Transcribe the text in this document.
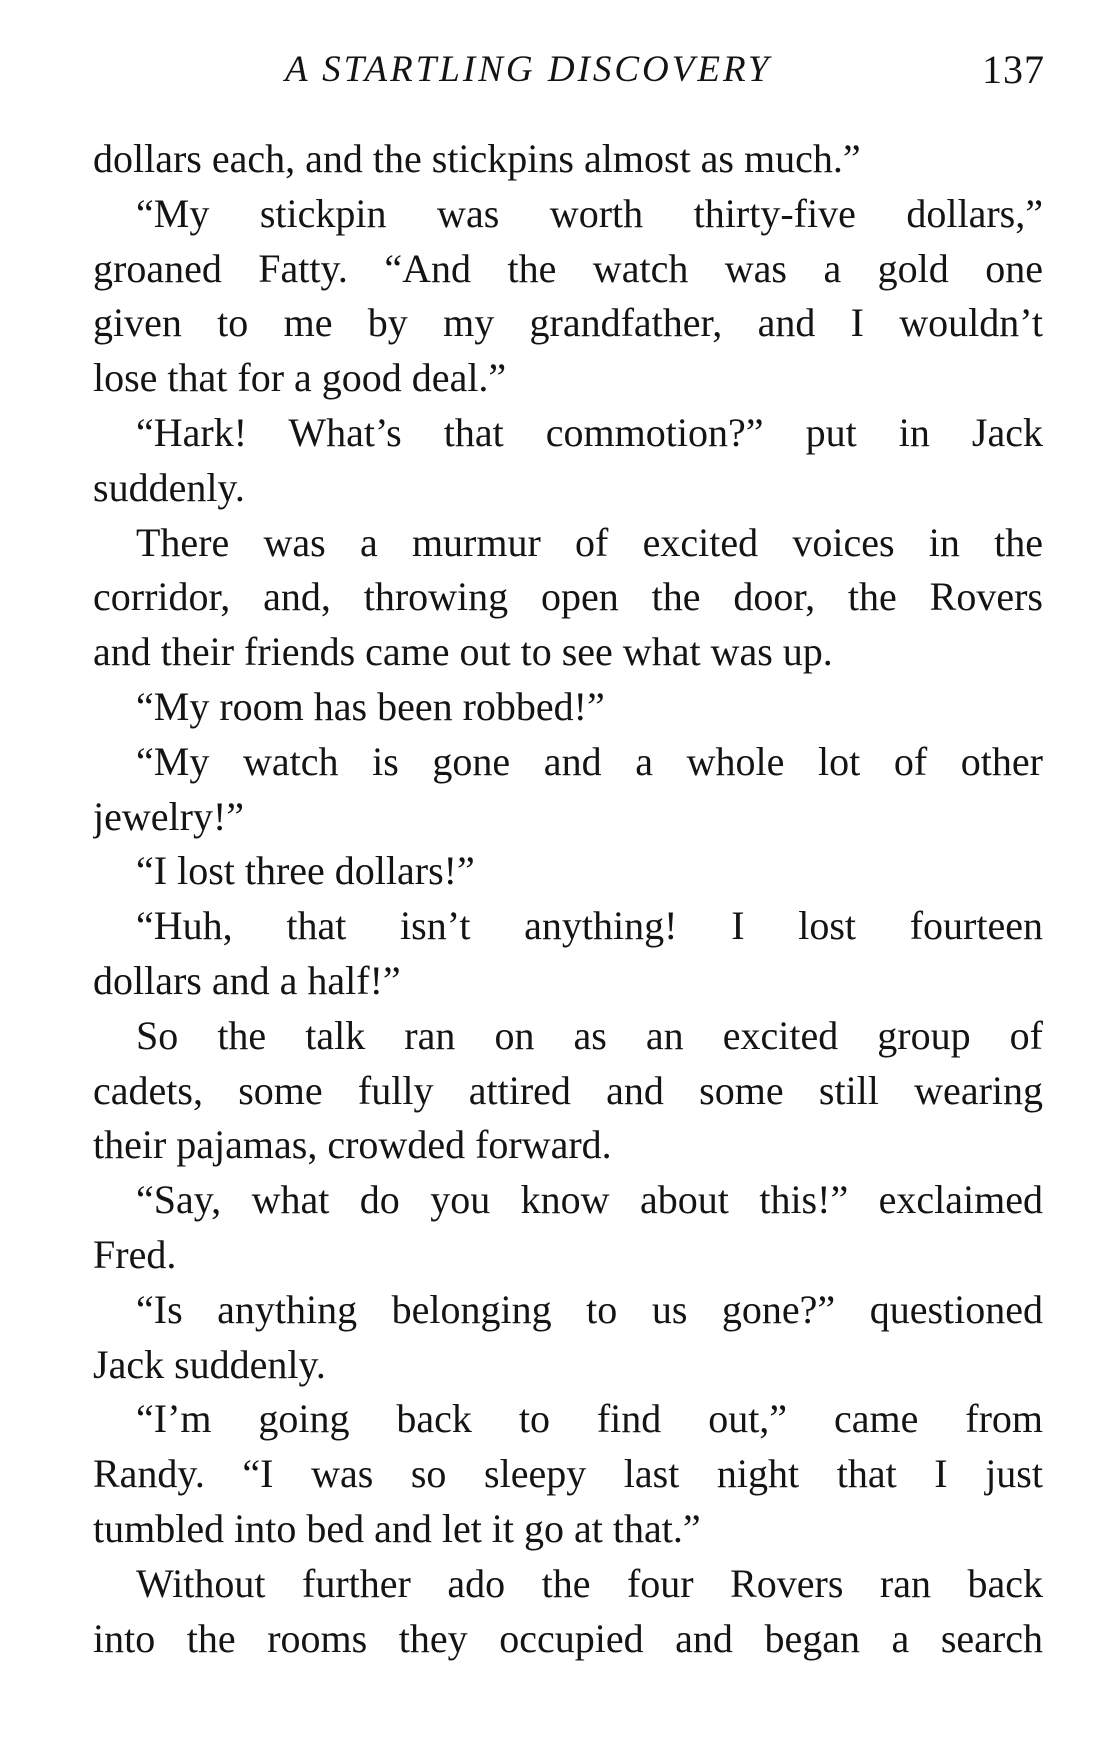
A STARTLING DISCOVERY	137
dollars each, and the stickpins almost as much.”
“My stickpin was worth thirty-five dollars,”
groaned Fatty. “And the watch was a gold one
given to me by my grandfather, and I wouldn’t
lose that for a good deal.”
“Hark! What’s that commotion?” put in Jack
suddenly.
There was a murmur of excited voices in the
corridor, and, throwing open the door, the Rovers
and their friends came out to see what was up.
“My room has been robbed!”
“My watch is gone and a whole lot of other
jewelry!”
“I lost three dollars!”
“Huh, that isn’t anything! I lost fourteen
dollars and a half!”
So the talk ran on as an excited group of
cadets, some fully attired and some still wearing
their pajamas, crowded forward.
“Say, what do you know about this!” exclaimed
Fred.
“Is anything belonging to us gone?” questioned
Jack suddenly.
“I’m going back to find out,” came from
Randy. “I was so sleepy last night that I just
tumbled into bed and let it go at that.”
Without further ado the four Rovers ran back
into the rooms they occupied and began a search
